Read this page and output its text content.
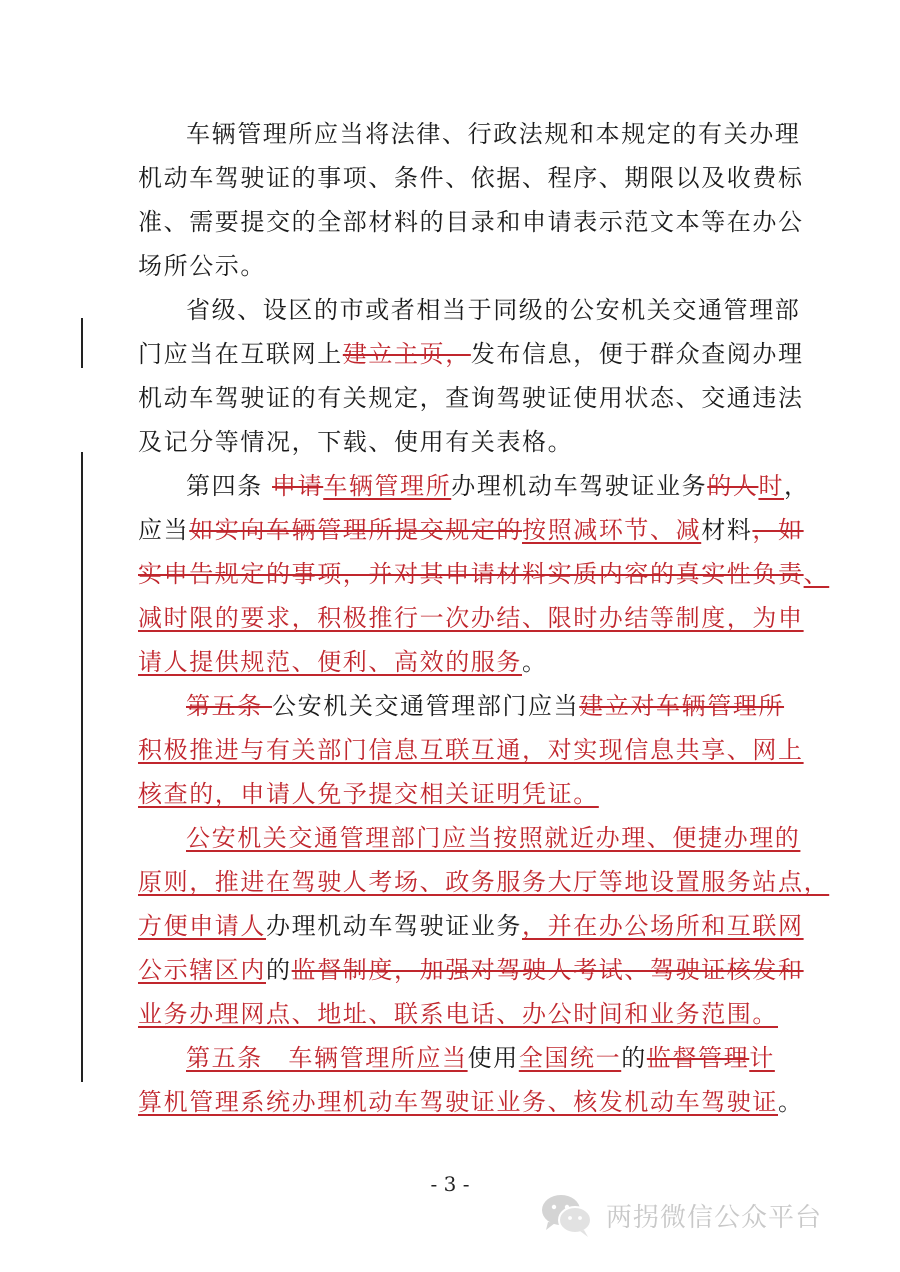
车辆管理所应当将法律、行政法规和本规定的有关办理
机动车驾驶证的事项、条件、依据、程序、期限以及收费标
准、需要提交的全部材料的目录和申请表示范文本等在办公
场所公示。
省级、设区的市或者相当于同级的公安机关交通管理部
门应当在互联网上建立主页，发布信息，便于群众查阅办理
机动车驾驶证的有关规定，查询驾驶证使用状态、交通违法
及记分等情况，下载、使用有关表格。
第四条 申请车辆管理所办理机动车驾驶证业务的人时，
应当如实向车辆管理所提交规定的按照减环节、减材料，如
实申告规定的事项，并对其申请材料实质内容的真实性负责、
减时限的要求，积极推行一次办结、限时办结等制度，为申
请人提供规范、便利、高效的服务。
第五条 公安机关交通管理部门应当建立对车辆管理所
积极推进与有关部门信息互联互通，对实现信息共享、网上
核查的，申请人免予提交相关证明凭证。
公安机关交通管理部门应当按照就近办理、便捷办理的
原则，推进在驾驶人考场、政务服务大厅等地设置服务站点，
方便申请人办理机动车驾驶证业务，并在办公场所和互联网
公示辖区内的监督制度，加强对驾驶人考试、驾驶证核发和
业务办理网点、地址、联系电话、办公时间和业务范围。
第五条　车辆管理所应当使用全国统一的监督管理计
算机管理系统办理机动车驾驶证业务、核发机动车驾驶证。
- 3 -
两拐微信公众平台
